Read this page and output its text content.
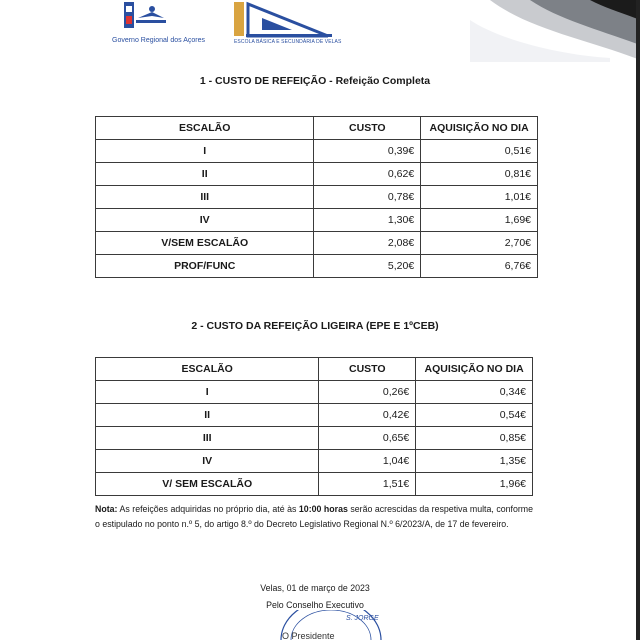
Governo Regional dos Açores	ESCOLA BÁSICA E SECUNDÁRIA DE VELAS
1 - CUSTO DE REFEIÇÃO - Refeição Completa
ESCALÃO	CUSTO	AQUISIÇÃO NO DIA
I	0,39€	0,51€
II	0,62€	0,81€
III	0,78€	1,01€
IV	1,30€	1,69€
V/SEM ESCALÃO	2,08€	2,70€
PROF/FUNC	5,20€	6,76€
2 - CUSTO DA REFEIÇÃO LIGEIRA (EPE E 1ºCEB)
ESCALÃO	CUSTO	AQUISIÇÃO NO DIA
I	0,26€	0,34€
II	0,42€	0,54€
III	0,65€	0,85€
IV	1,04€	1,35€
V/ SEM ESCALÃO	1,51€	1,96€
Nota: As refeições adquiridas no próprio dia, até às 10:00 horas serão acrescidas da respetiva multa, conforme o estipulado no ponto n.º 5, do artigo 8.º do Decreto Legislativo Regional N.º 6/2023/A, de 17 de fevereiro.
Velas, 01 de março de 2023
Pelo Conselho Executivo
S. JORGE
O Presidente
